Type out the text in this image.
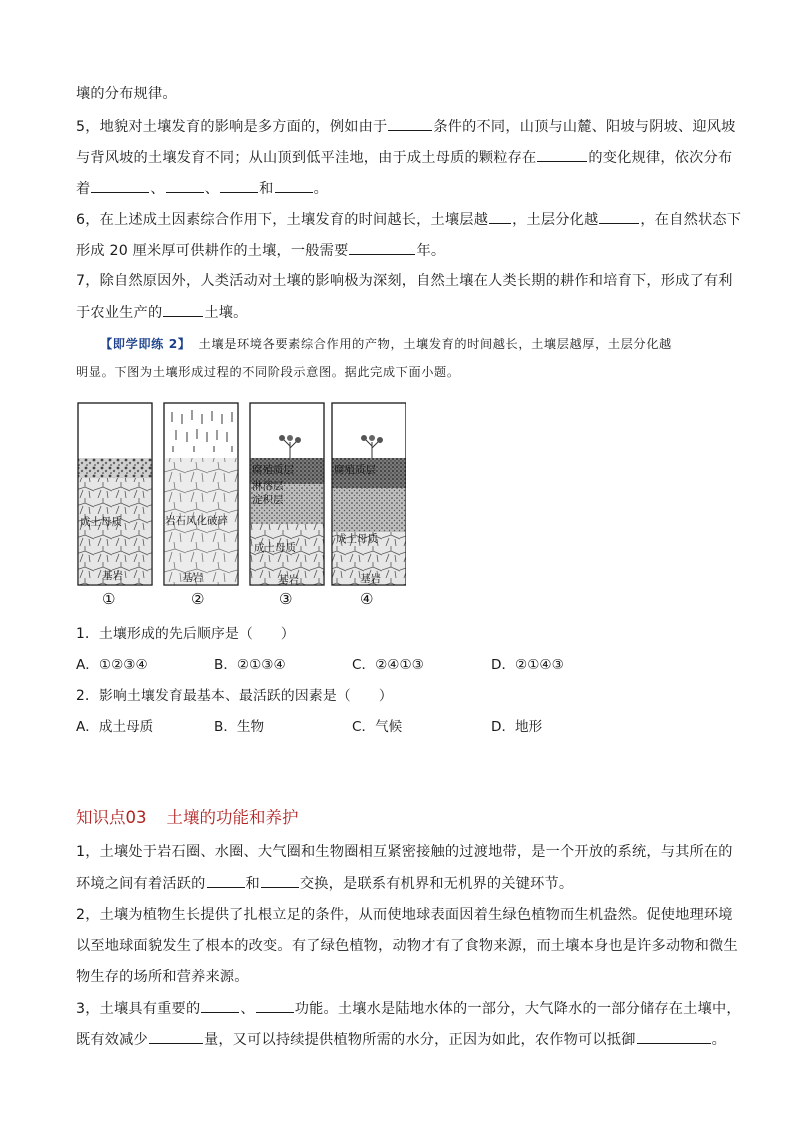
壤的分布规律。
5，地貌对土壤发育的影响是多方面的，例如由于	条件的不同，山顶与山麓、阳坡与阴坡、迎风坡
与背风坡的土壤发育不同；从山顶到低平洼地，由于成土母质的颗粒存在	的变化规律，依次分布
着	、	、	和	。
6，在上述成土因素综合作用下，土壤发育的时间越长，土壤层越 ，土层分化越	，在自然状态下
形成 20 厘米厚可供耕作的土壤，一般需要	年。
7，除自然原因外，人类活动对土壤的影响极为深刻，自然土壤在人类长期的耕作和培育下，形成了有利
于农业生产的	土壤。
【即学即练 2】 土壤是环境各要素综合作用的产物，土壤发育的时间越长，土壤层越厚，土层分化越
明显。下图为土壤形成过程的不同阶段示意图。据此完成下面小题。
成土母质
基岩
①
岩石风化破碎
基岩
②
腐殖质层
淋溶层
淀积层
成土母质
基岩
③
腐殖质层
成土母质
基岩
④
1．土壤形成的先后顺序是（　　）
A．①②③④	B．②①③④	C．②④①③	D．②①④③
2．影响土壤发育最基本、最活跃的因素是（　　）
A．成土母质	B．生物	C．气候	D．地形
知识点03 土壤的功能和养护
1，土壤处于岩石圈、水圈、大气圈和生物圈相互紧密接触的过渡地带，是一个开放的系统，与其所在的
环境之间有着活跃的	和	交换，是联系有机界和无机界的关键环节。
2，土壤为植物生长提供了扎根立足的条件，从而使地球表面因着生绿色植物而生机盎然。促使地理环境
以至地球面貌发生了根本的改变。有了绿色植物，动物才有了食物来源，而土壤本身也是许多动物和微生
物生存的场所和营养来源。
3，土壤具有重要的	、	功能。土壤水是陆地水体的一部分，大气降水的一部分储存在土壤中，
既有效减少	量，又可以持续提供植物所需的水分，正因为如此，农作物可以抵御	。
